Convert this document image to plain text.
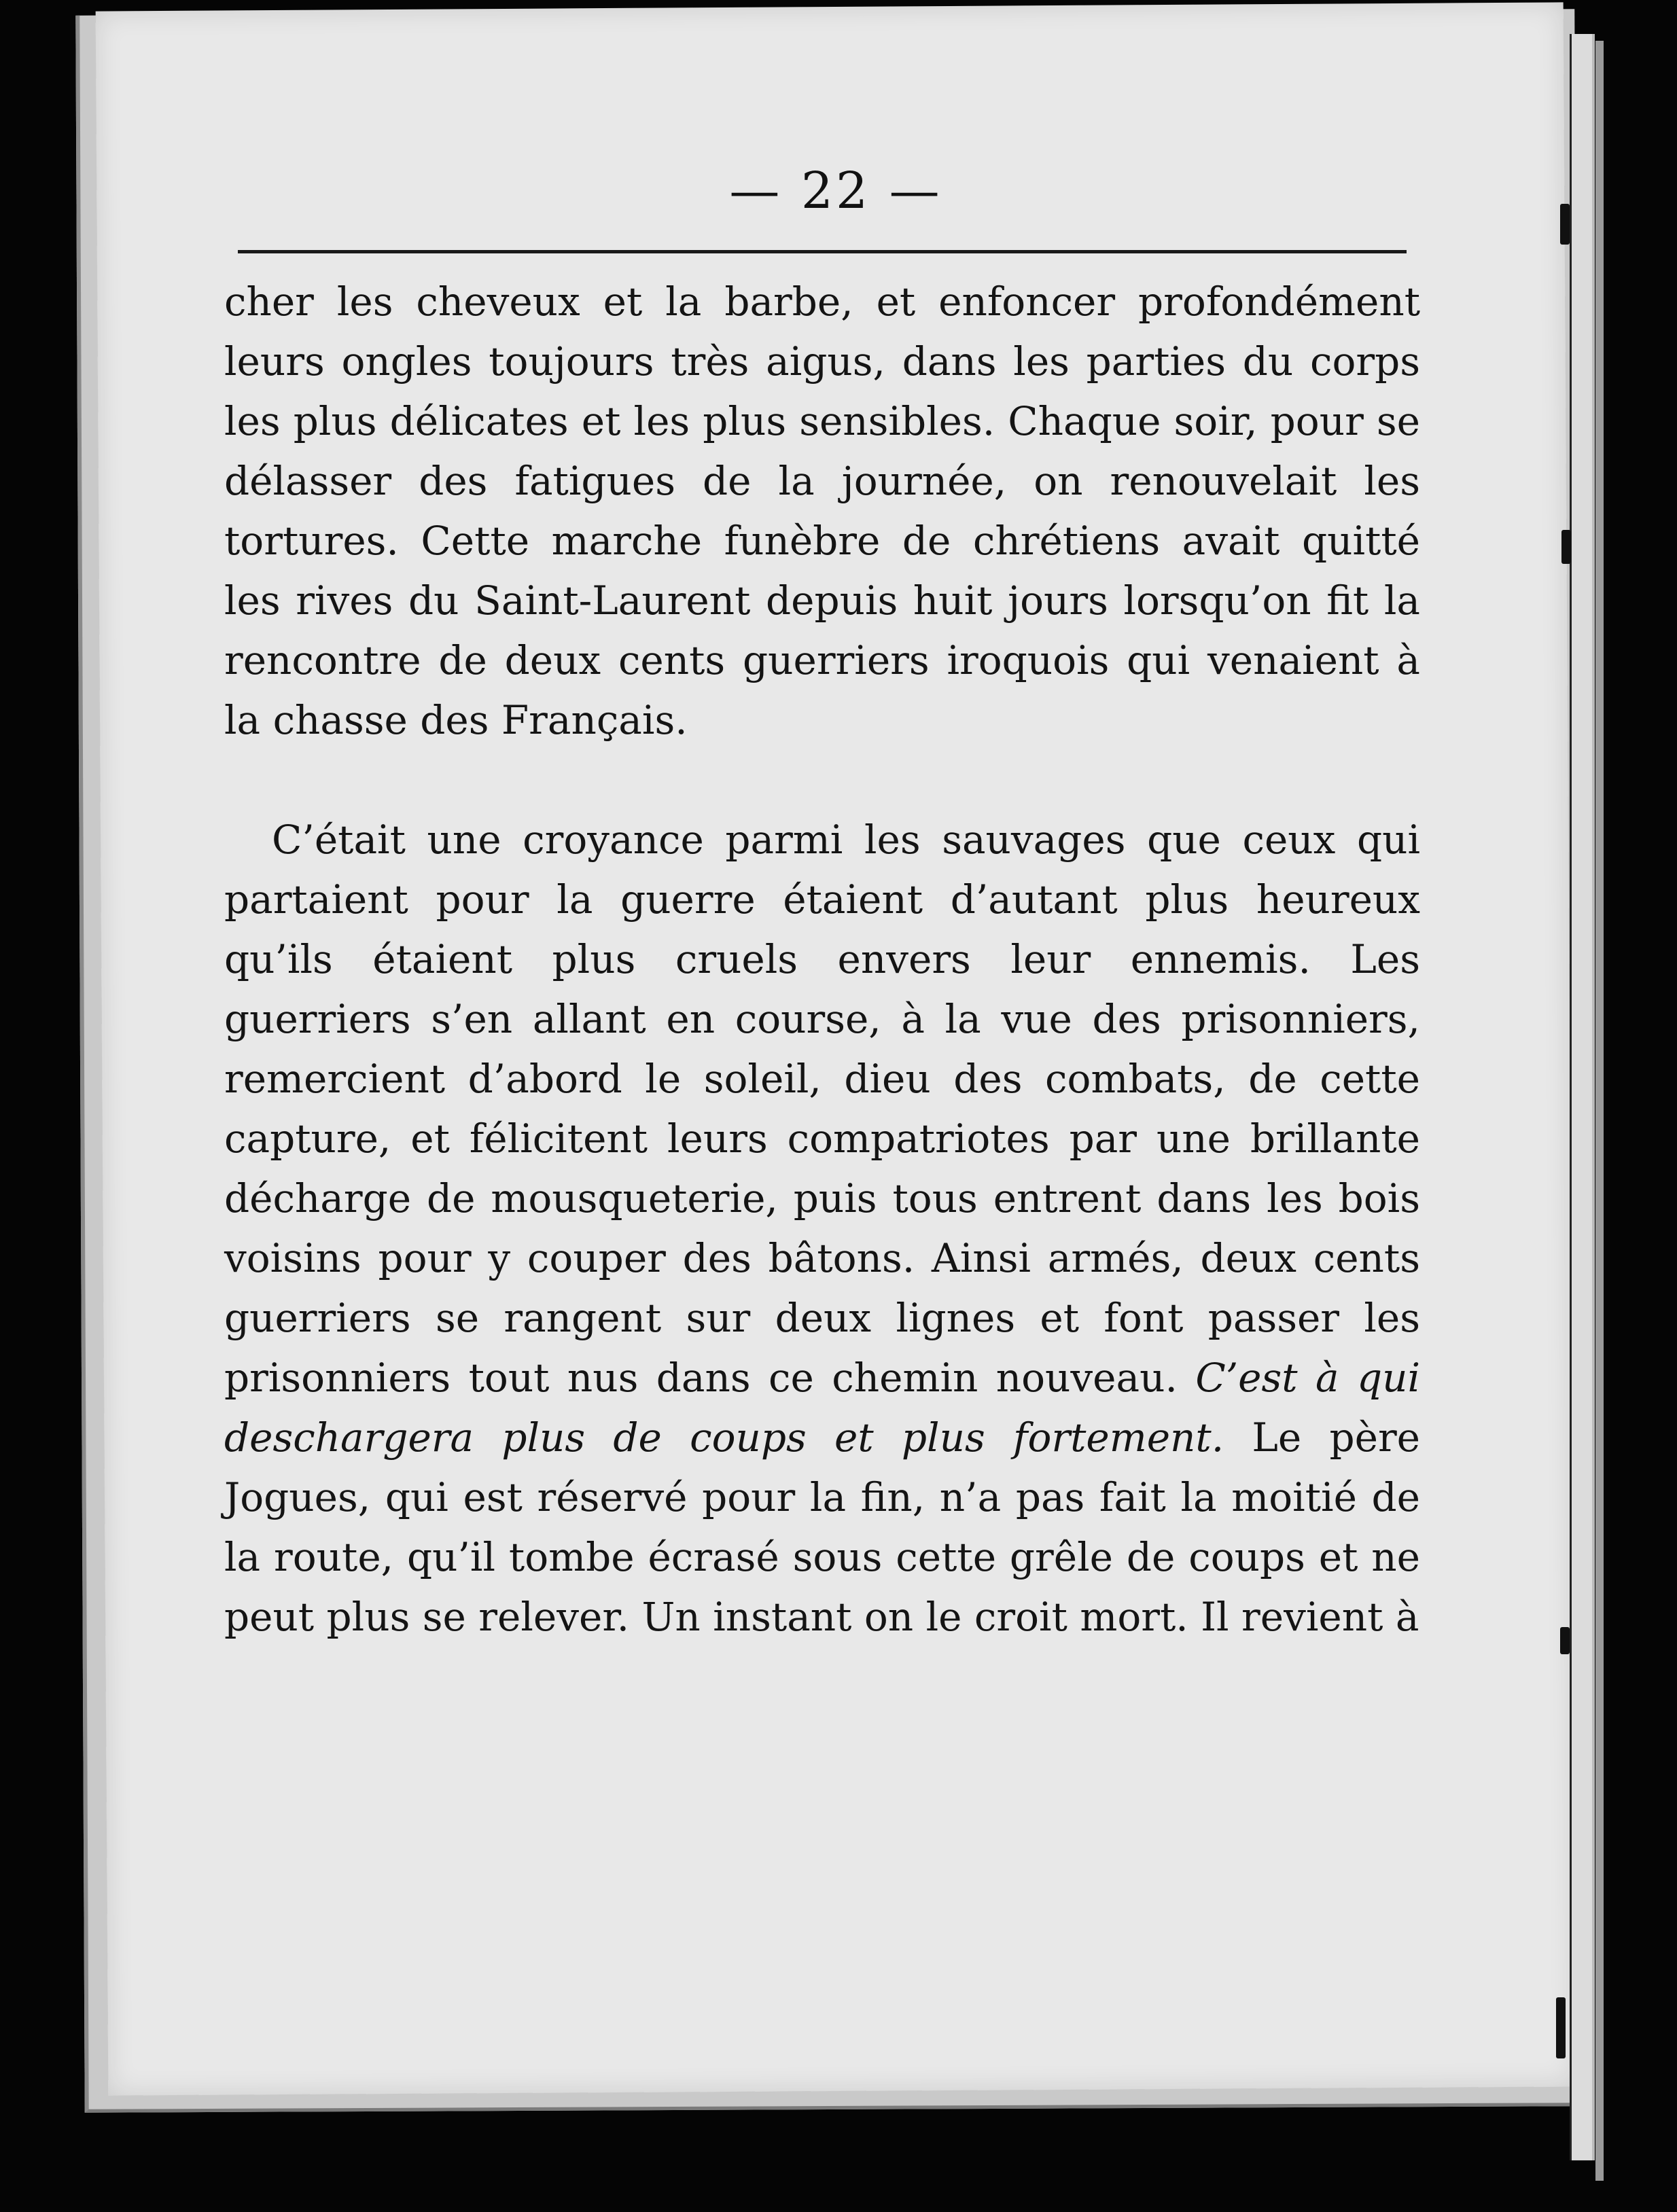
— 22 —

cher les cheveux et la barbe, et enfoncer profondément leurs ongles toujours très aigus, dans les parties du corps les plus délicates et les plus sensibles. Chaque soir, pour se délasser des fatigues de la journée, on renouvelait les tortures. Cette marche funèbre de chrétiens avait quitté les rives du Saint-Laurent depuis huit jours lorsqu’on fit la rencontre de deux cents guerriers iroquois qui venaient à la chasse des Français.

C’était une croyance parmi les sauvages que ceux qui partaient pour la guerre étaient d’autant plus heureux qu’ils étaient plus cruels envers leur ennemis. Les guerriers s’en allant en course, à la vue des prisonniers, remercient d’abord le soleil, dieu des combats, de cette capture, et félicitent leurs compatriotes par une brillante décharge de mousqueterie, puis tous entrent dans les bois voisins pour y couper des bâtons. Ainsi armés, deux cents guerriers se rangent sur deux lignes et font passer les prisonniers tout nus dans ce chemin nouveau. C’est à qui deschargera plus de coups et plus fortement. Le père Jogues, qui est réservé pour la fin, n’a pas fait la moitié de la route, qu’il tombe écrasé sous cette grêle de coups et ne peut plus se relever. Un instant on le croit mort. Il revient à
